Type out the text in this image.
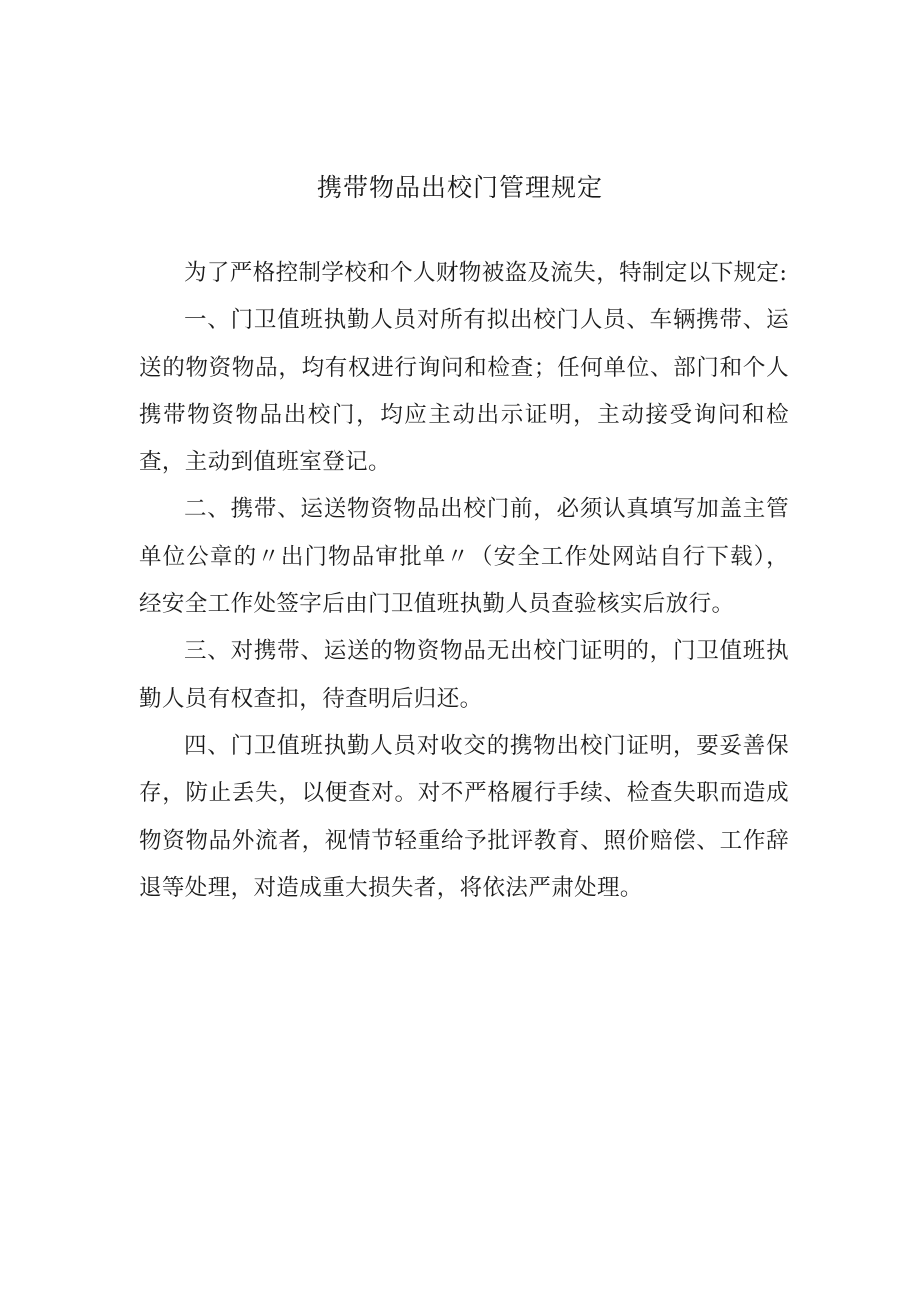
携带物品出校门管理规定

为了严格控制学校和个人财物被盗及流失，特制定以下规定:

一、门卫值班执勤人员对所有拟出校门人员、车辆携带、运送的物资物品，均有权进行询问和检查；任何单位、部门和个人携带物资物品出校门，均应主动出示证明，主动接受询问和检查，主动到值班室登记。

二、携带、运送物资物品出校门前，必须认真填写加盖主管单位公章的〃出门物品审批单〃（安全工作处网站自行下载），经安全工作处签字后由门卫值班执勤人员查验核实后放行。

三、对携带、运送的物资物品无出校门证明的，门卫值班执勤人员有权查扣，待查明后归还。

四、门卫值班执勤人员对收交的携物出校门证明，要妥善保存，防止丢失，以便查对。对不严格履行手续、检查失职而造成物资物品外流者，视情节轻重给予批评教育、照价赔偿、工作辞退等处理，对造成重大损失者，将依法严肃处理。
